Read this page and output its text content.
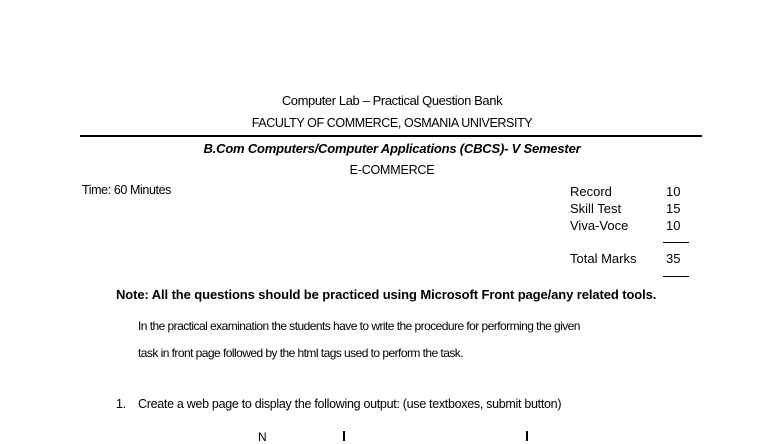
Computer Lab – Practical Question Bank
FACULTY OF COMMERCE, OSMANIA UNIVERSITY
B.Com Computers/Computer Applications (CBCS)- V Semester
E-COMMERCE
Time: 60 Minutes	Record	10
Skill Test	15
Viva-Voce	10
Total Marks 35
Note: All the questions should be practiced using Microsoft Front page/any related tools.
In the practical examination the students have to write the procedure for performing the given
task in front page followed by the html tags used to perform the task.
1. Create a web page to display the following output: (use textboxes, submit button)
N
